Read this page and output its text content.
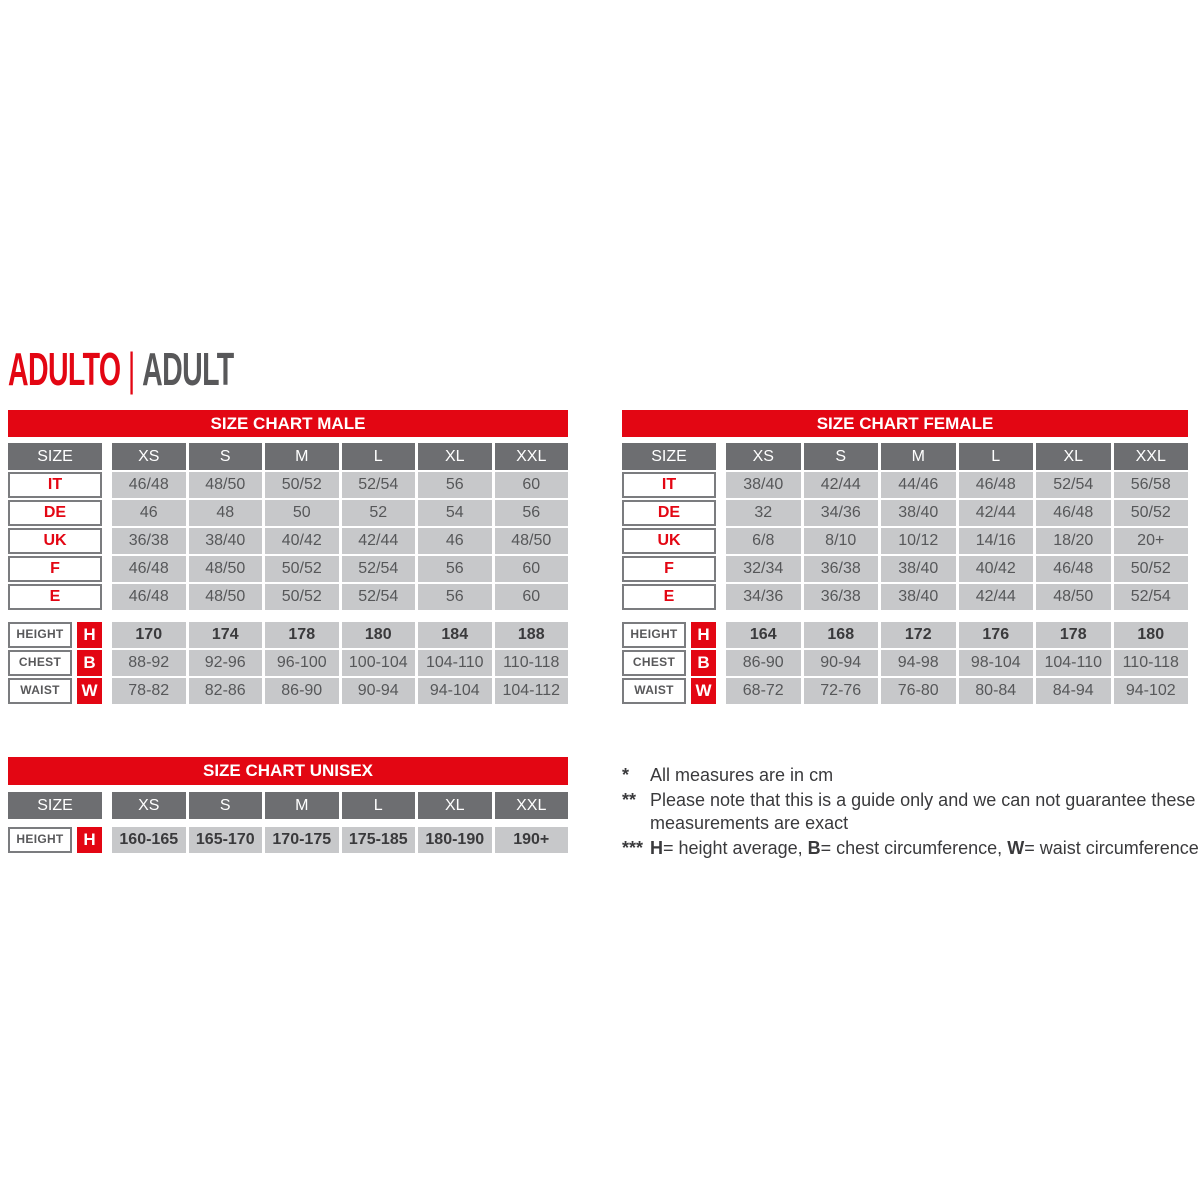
ADULTO | ADULT
SIZE CHART MALE
SIZE	XS	S	M	L	XL	XXL
IT	46/48	48/50	50/52	52/54	56	60
DE	46	48	50	52	54	56
UK	36/38	38/40	40/42	42/44	46	48/50
F	46/48	48/50	50/52	52/54	56	60
E	46/48	48/50	50/52	52/54	56	60
HEIGHT	H	170	174	178	180	184	188
CHEST	B	88-92	92-96	96-100	100-104	104-110	110-118
WAIST	W	78-82	82-86	86-90	90-94	94-104	104-112
SIZE CHART FEMALE
SIZE	XS	S	M	L	XL	XXL
IT	38/40	42/44	44/46	46/48	52/54	56/58
DE	32	34/36	38/40	42/44	46/48	50/52
UK	6/8	8/10	10/12	14/16	18/20	20+
F	32/34	36/38	38/40	40/42	46/48	50/52
E	34/36	36/38	38/40	42/44	48/50	52/54
HEIGHT	H	164	168	172	176	178	180
CHEST	B	86-90	90-94	94-98	98-104	104-110	110-118
WAIST	W	68-72	72-76	76-80	80-84	84-94	94-102
SIZE CHART UNISEX
SIZE	XS	S	M	L	XL	XXL
HEIGHT	H	160-165	165-170	170-175	175-185	180-190	190+
*	All measures are in cm
** Please note that this is a guide only and we can not guarantee these measurements are exact
*** H= height average, B= chest circumference, W= waist circumference
